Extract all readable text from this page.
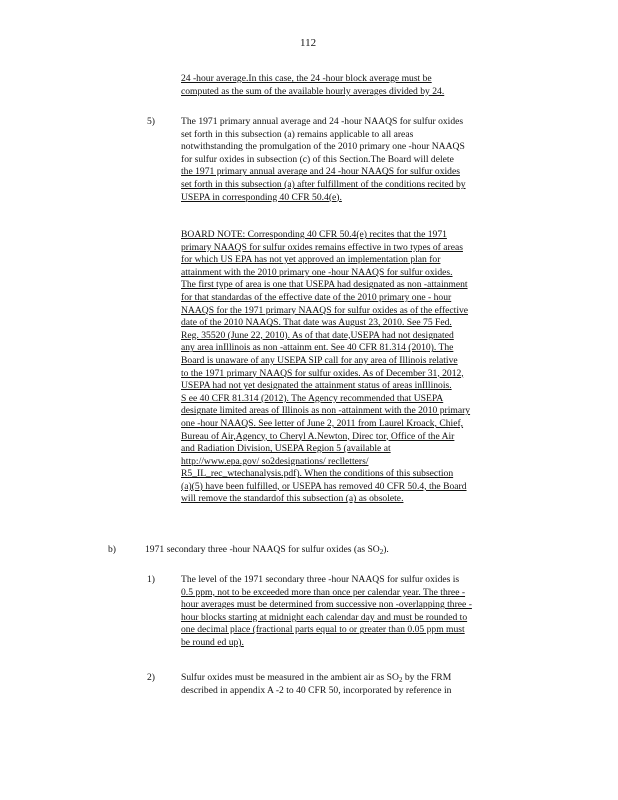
112
24 -hour average.In this case, the 24 -hour block average must be
computed as the sum of the available hourly averages divided by 24.
5)	The 1971 primary annual average and 24 -hour NAAQS for sulfur oxides
set forth in this subsection (a) remains applicable to all areas
notwithstanding the promulgation of the 2010 primary one -hour NAAQS
for sulfur oxides in subsection (c) of this Section.The Board will delete
the 1971 primary annual average and 24 -hour NAAQS for sulfur oxides
set forth in this subsection (a) after fulfillment of the conditions recited by
USEPA in corresponding 40 CFR 50.4(e).
BOARD NOTE: Corresponding 40 CFR 50.4(e) recites that the 1971
primary NAAQS for sulfur oxides remains effective in two types of areas
for which US EPA has not yet approved an implementation plan for
attainment with the 2010 primary one -hour NAAQS for sulfur oxides.
The first type of area is one that USEPA had designated as non -attainment
for that standardas of the effective date of the 2010 primary one - hour
NAAQS for the 1971 primary NAAQS for sulfur oxides as of the effective
date of the 2010 NAAQS. That date was August 23, 2010. See 75 Fed.
Reg. 35520 (June 22, 2010). As of that date,USEPA had not designated
any area inIllinois as non -attainm ent. See 40 CFR 81.314 (2010). The
Board is unaware of any USEPA SIP call for any area of Illinois relative
to the 1971 primary NAAQS for sulfur oxides. As of December 31, 2012,
USEPA had not yet designated the attainment status of areas inIllinois.
S ee 40 CFR 81.314 (2012). The Agency recommended that USEPA
designate limited areas of Illinois as non -attainment with the 2010 primary
one -hour NAAQS. See letter of June 2, 2011 from Laurel Kroack, Chief,
Bureau of Air,Agency, to Cheryl A.Newton, Direc tor, Office of the Air
and Radiation Division, USEPA Region 5 (available at
http://www.epa.gov/ so2designations/ reclletters/
R5_IL_rec_wtechanalysis.pdf). When the conditions of this subsection
(a)(5) have been fulfilled, or USEPA has removed 40 CFR 50.4, the Board
will remove the standardof this subsection (a) as obsolete.
b)	1971 secondary three -hour NAAQS for sulfur oxides (as $SO_2$).
1)	The level of the 1971 secondary three -hour NAAQS for sulfur oxides is
0.5 ppm, not to be exceeded more than once per calendar year. The three -
hour averages must be determined from successive non -overlapping three -
hour blocks starting at midnight each calendar day and must be rounded to
one decimal place (fractional parts equal to or greater than 0.05 ppm must
be round ed up).
2)	Sulfur oxides must be measured in the ambient air as $SO_2$ by the FRM
described in appendix A -2 to 40 CFR 50, incorporated by reference in
